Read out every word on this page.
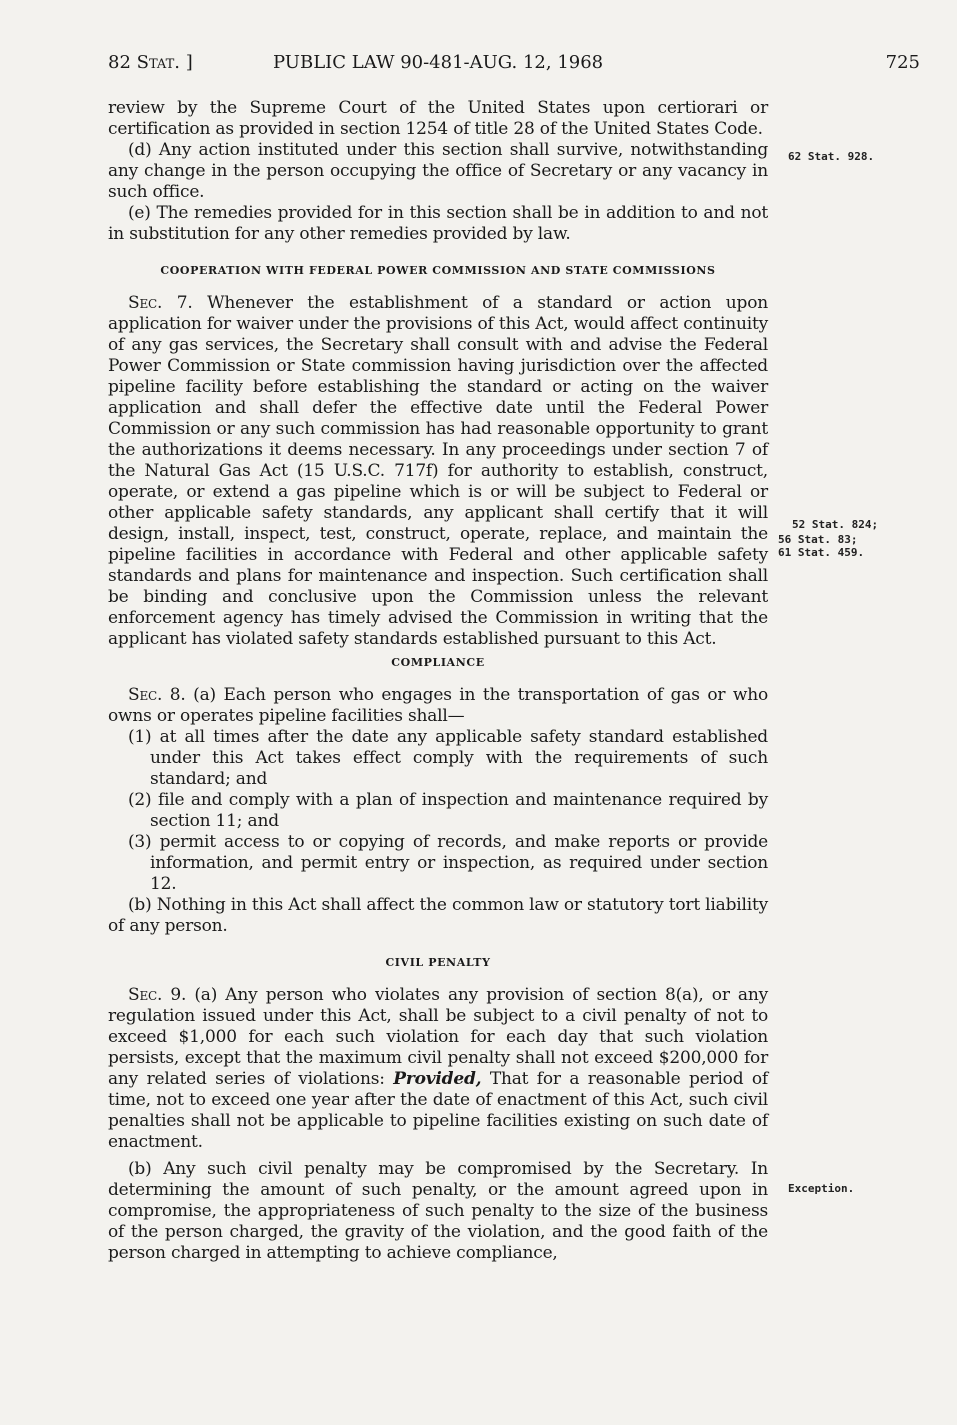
82 Stat. ]	PUBLIC LAW 90-481-AUG. 12, 1968	725

review by the Supreme Court of the United States upon certiorari or certification as provided in section 1254 of title 28 of the United States Code.

(d) Any action instituted under this section shall survive, notwithstanding any change in the person occupying the office of Secretary or any vacancy in such office.

(e) The remedies provided for in this section shall be in addition to and not in substitution for any other remedies provided by law.

COOPERATION WITH FEDERAL POWER COMMISSION AND STATE COMMISSIONS

Sec. 7. Whenever the establishment of a standard or action upon application for waiver under the provisions of this Act, would affect continuity of any gas services, the Secretary shall consult with and advise the Federal Power Commission or State commission having jurisdiction over the affected pipeline facility before establishing the standard or acting on the waiver application and shall defer the effective date until the Federal Power Commission or any such commission has had reasonable opportunity to grant the authorizations it deems necessary. In any proceedings under section 7 of the Natural Gas Act (15 U.S.C. 717f) for authority to establish, construct, operate, or extend a gas pipeline which is or will be subject to Federal or other applicable safety standards, any applicant shall certify that it will design, install, inspect, test, construct, operate, replace, and maintain the pipeline facilities in accordance with Federal and other applicable safety standards and plans for maintenance and inspection. Such certification shall be binding and conclusive upon the Commission unless the relevant enforcement agency has timely advised the Commission in writing that the applicant has violated safety standards established pursuant to this Act.

COMPLIANCE

Sec. 8. (a) Each person who engages in the transportation of gas or who owns or operates pipeline facilities shall—

(1) at all times after the date any applicable safety standard established under this Act takes effect comply with the requirements of such standard; and

(2) file and comply with a plan of inspection and maintenance required by section 11; and

(3) permit access to or copying of records, and make reports or provide information, and permit entry or inspection, as required under section 12.

(b) Nothing in this Act shall affect the common law or statutory tort liability of any person.

CIVIL PENALTY

Sec. 9. (a) Any person who violates any provision of section 8(a), or any regulation issued under this Act, shall be subject to a civil penalty of not to exceed $1,000 for each such violation for each day that such violation persists, except that the maximum civil penalty shall not exceed $200,000 for any related series of violations: Provided, That for a reasonable period of time, not to exceed one year after the date of enactment of this Act, such civil penalties shall not be applicable to pipeline facilities existing on such date of enactment.

(b) Any such civil penalty may be compromised by the Secretary. In determining the amount of such penalty, or the amount agreed upon in compromise, the appropriateness of such penalty to the size of the business of the person charged, the gravity of the violation, and the good faith of the person charged in attempting to achieve compliance,

62 Stat. 928.
52 Stat. 824;
56 Stat. 83;
61 Stat. 459.
Exception.
